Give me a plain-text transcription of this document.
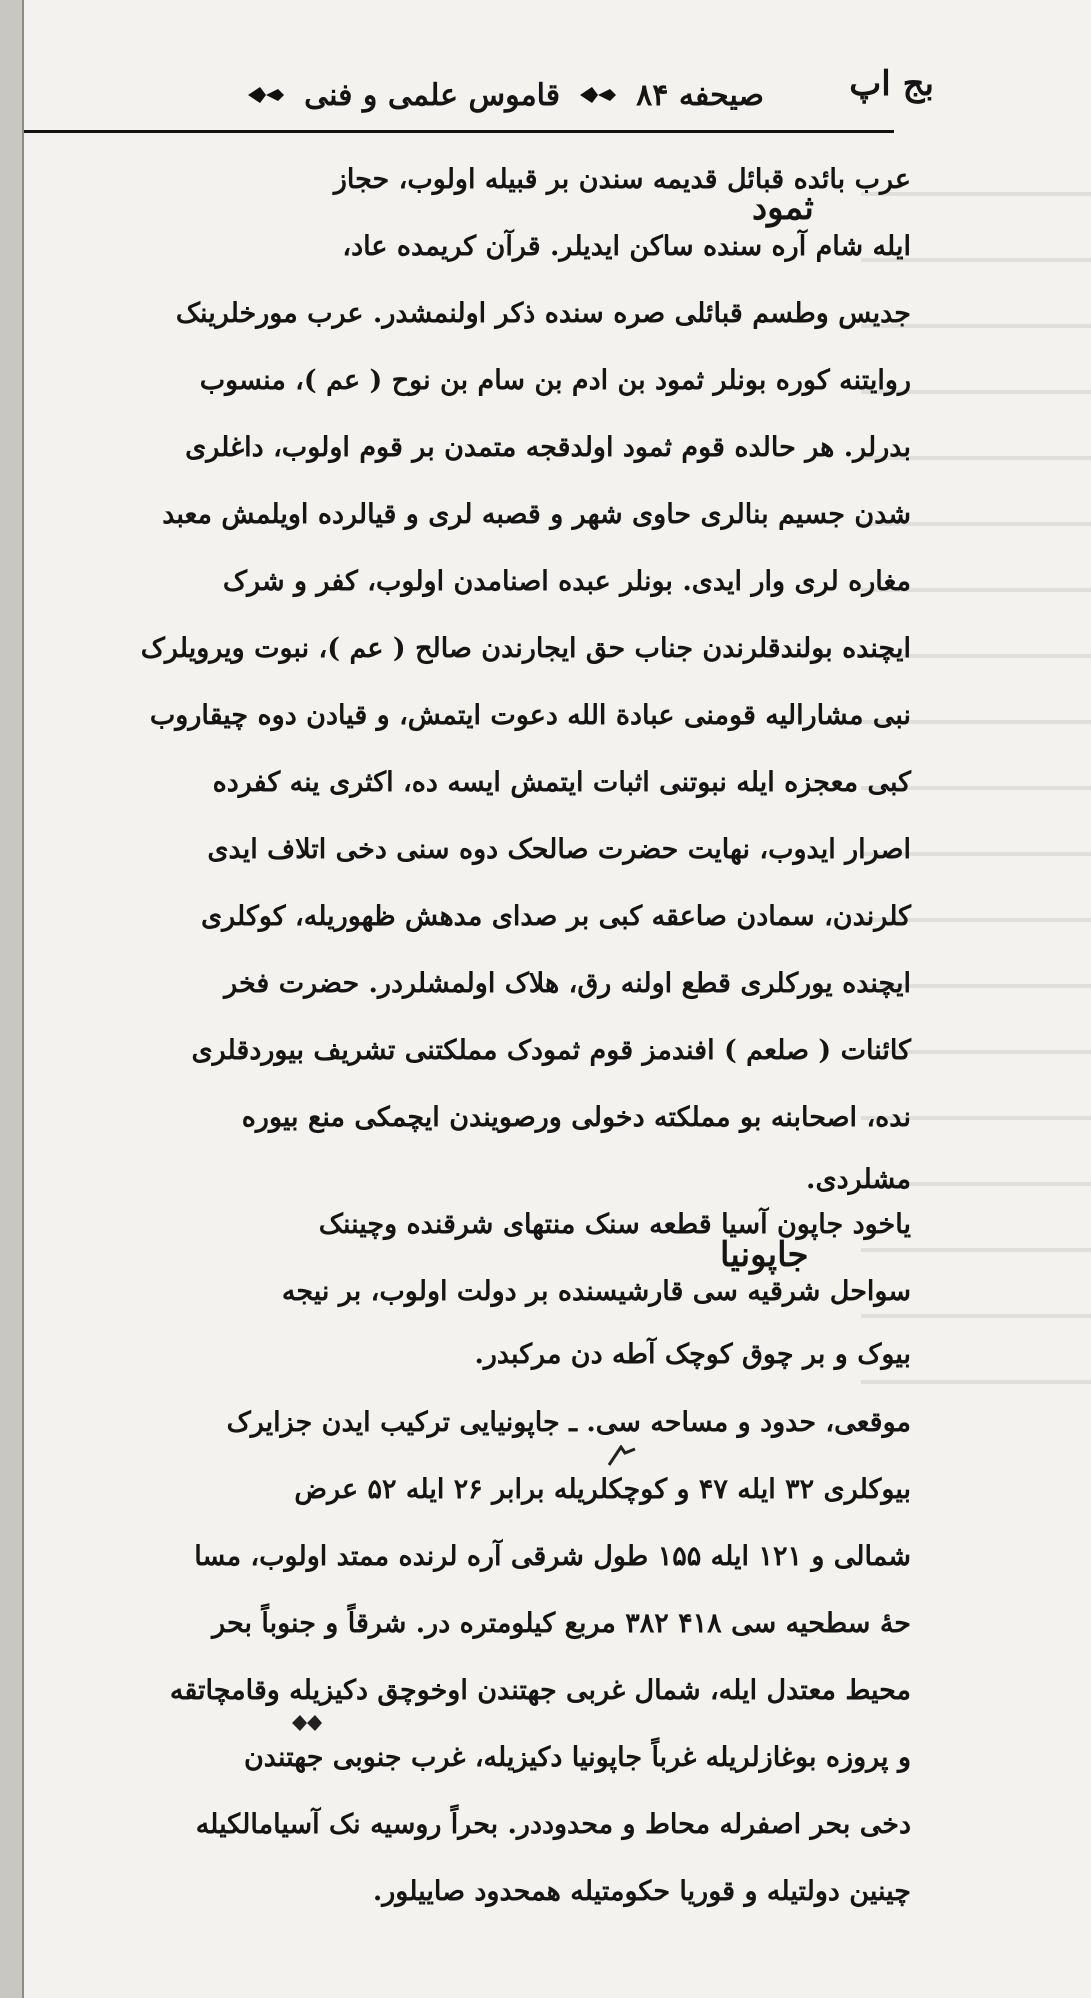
صیحفه ۸۴
قاموس علمی و فنی	بج اپ
ثمود
عرب بائده قبائل قدیمه سندن بر قبیله اولوب، حجاز
ایله شام آره سنده ساکن ایدیلر. قرآن کریمده عاد،
جدیس وطسم قبائلی صره سنده ذکر اولنمشدر. عرب مورخلرینک
روایتنه کوره بونلر ثمود بن ادم بن سام بن نوح ( عم )، منسوب
بدرلر. هر حالده قوم ثمود اولدقجه متمدن بر قوم اولوب، داغلری
شدن جسیم بنالری حاوی شهر و قصبه لری و قیالرده اویلمش معبد
مغاره لری وار ایدی. بونلر عبده اصنامدن اولوب، کفر و شرک
ایچنده بولندقلرندن جناب حق ایجارندن صالح ( عم )، نبوت ویرویلرک
نبی مشارالیه قومنی عبادة الله دعوت ایتمش، و قیادن دوه چیقاروب
کبی معجزه ایله نبوتنی اثبات ایتمش ایسه ده، اکثری ینه کفرده
اصرار ایدوب، نهایت حضرت صالحک دوه سنی دخی اتلاف ایدی
کلرندن، سمادن صاعقه کبی بر صدای مدهش ظهوریله، کوکلری
ایچنده یورکلری قطع اولنه رق، هلاک اولمشلردر. حضرت فخر
کائنات ( صلعم ) افندمز قوم ثمودک مملکتنی تشریف بیوردقلری
نده، اصحابنه بو مملکته دخولی ورصویندن ایچمکی منع بیوره
مشلردی.
جاپونیا
یاخود جاپون آسیا قطعه سنک منتهای شرقنده وچیننک
سواحل شرقیه سی قارشیسنده بر دولت اولوب، بر نیجه
بیوک و بر چوق کوچک آطه دن مرکبدر.
موقعی، حدود و مساحه سی. ـ جاپونیایی ترکیب ایدن جزایرک
بیوکلری ۳۲ ایله ۴۷ و کوچکلریله برابر ۲۶ ایله ۵۲ عرض
شمالی و ۱۲۱ ایله ۱۵۵ طول شرقی آره لرنده ممتد اولوب، مسا
حهٔ سطحیه سی ۴۱۸ ۳۸۲ مربع کیلومتره در. شرقاً و جنوباً بحر
محیط معتدل ایله، شمال غربی جهتندن اوخوچق دکیزیله وقامچاتقه
و پروزه بوغازلریله غرباً جاپونیا دکیزیله، غرب جنوبی جهتندن
دخی بحر اصفرله محاط و محدوددر. بحراً روسیه نک آسیامالکیله
چینین دولتیله و قوریا حکومتیله همحدود صاییلور.
